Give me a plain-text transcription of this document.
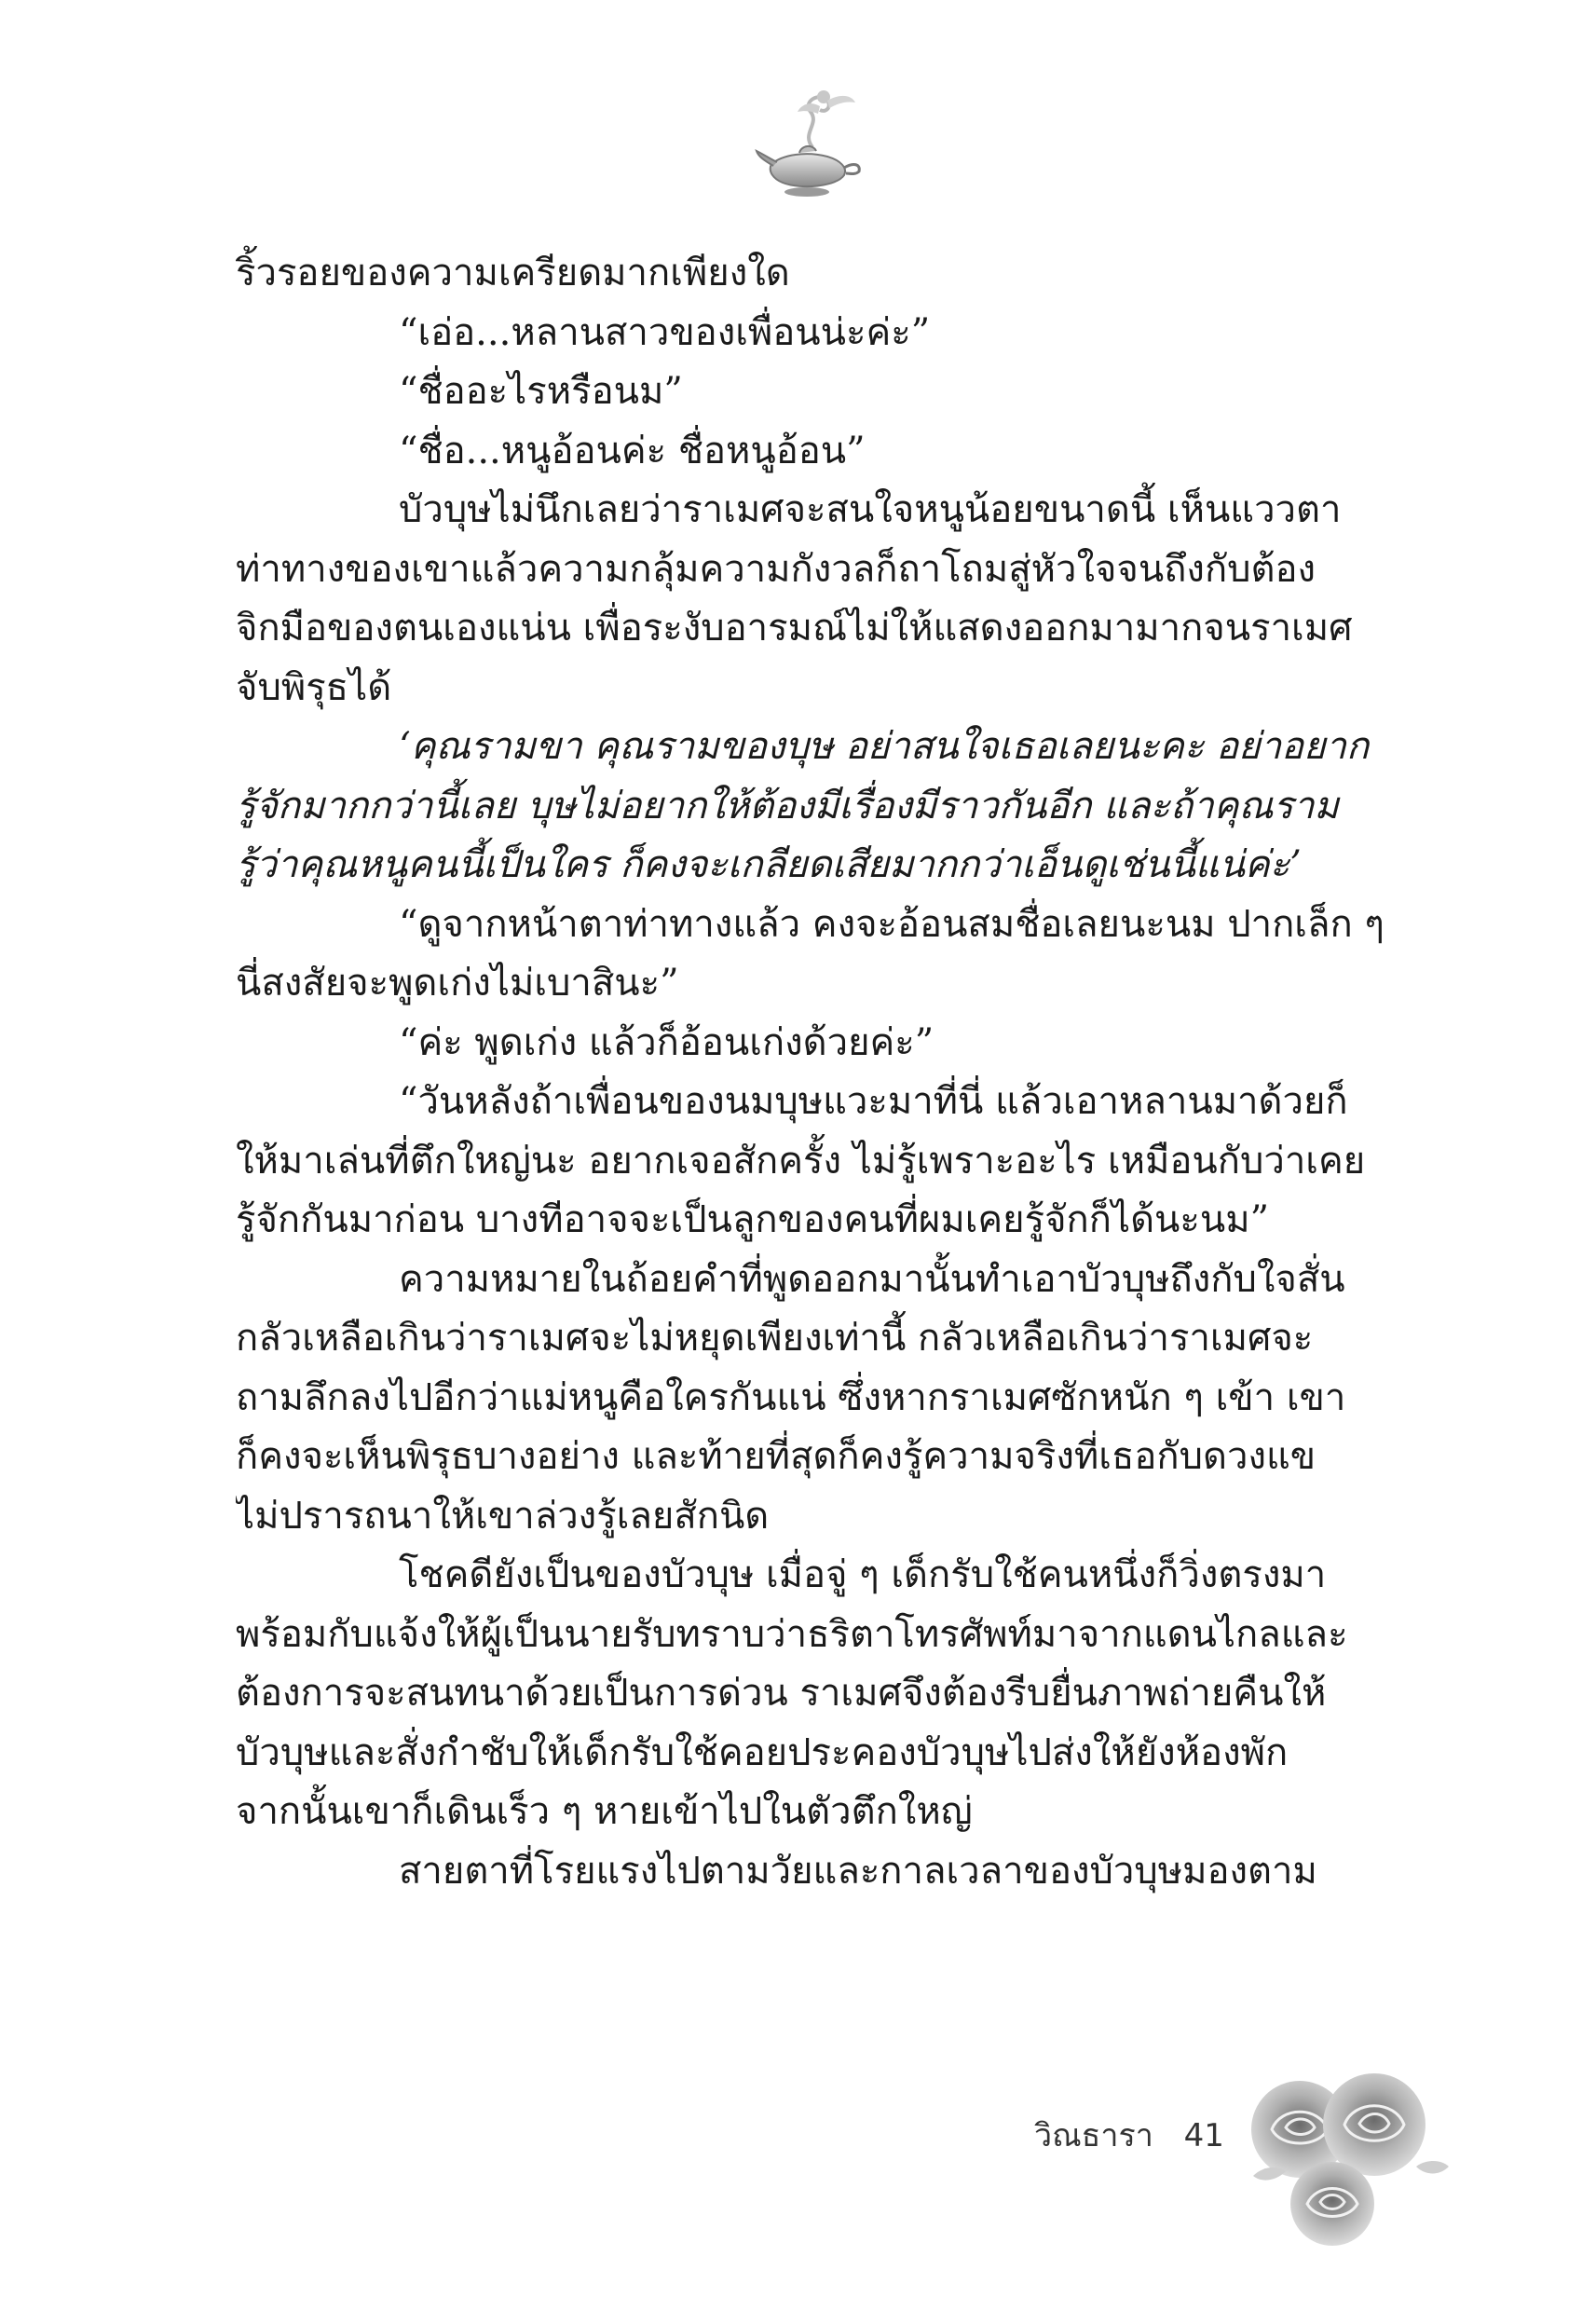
ริ้วรอยของความเครียดมากเพียงใด
“เอ่อ...หลานสาวของเพื่อนน่ะค่ะ”
“ชื่ออะไรหรือนม”
“ชื่อ...หนูอ้อนค่ะ ชื่อหนูอ้อน”
บัวบุษไม่นึกเลยว่าราเมศจะสนใจหนูน้อยขนาดนี้ เห็นแววตา
ท่าทางของเขาแล้วความกลุ้มความกังวลก็ถาโถมสู่หัวใจจนถึงกับต้อง
จิกมือของตนเองแน่น เพื่อระงับอารมณ์ไม่ให้แสดงออกมามากจนราเมศ
จับพิรุธได้
‘คุณรามขา คุณรามของบุษ อย่าสนใจเธอเลยนะคะ อย่าอยาก
รู้จักมากกว่านี้เลย บุษไม่อยากให้ต้องมีเรื่องมีราวกันอีก และถ้าคุณราม
รู้ว่าคุณหนูคนนี้เป็นใคร ก็คงจะเกลียดเสียมากกว่าเอ็นดูเช่นนี้แน่ค่ะ’
“ดูจากหน้าตาท่าทางแล้ว คงจะอ้อนสมชื่อเลยนะนม ปากเล็ก ๆ
นี่สงสัยจะพูดเก่งไม่เบาสินะ”
“ค่ะ พูดเก่ง แล้วก็อ้อนเก่งด้วยค่ะ”
“วันหลังถ้าเพื่อนของนมบุษแวะมาที่นี่ แล้วเอาหลานมาด้วยก็
ให้มาเล่นที่ตึกใหญ่นะ อยากเจอสักครั้ง ไม่รู้เพราะอะไร เหมือนกับว่าเคย
รู้จักกันมาก่อน บางทีอาจจะเป็นลูกของคนที่ผมเคยรู้จักก็ได้นะนม”
ความหมายในถ้อยคำที่พูดออกมานั้นทำเอาบัวบุษถึงกับใจสั่น
กลัวเหลือเกินว่าราเมศจะไม่หยุดเพียงเท่านี้ กลัวเหลือเกินว่าราเมศจะ
ถามลึกลงไปอีกว่าแม่หนูคือใครกันแน่ ซึ่งหากราเมศซักหนัก ๆ เข้า เขา
ก็คงจะเห็นพิรุธบางอย่าง และท้ายที่สุดก็คงรู้ความจริงที่เธอกับดวงแข
ไม่ปรารถนาให้เขาล่วงรู้เลยสักนิด
โชคดียังเป็นของบัวบุษ เมื่อจู่ ๆ เด็กรับใช้คนหนึ่งก็วิ่งตรงมา
พร้อมกับแจ้งให้ผู้เป็นนายรับทราบว่าธริตาโทรศัพท์มาจากแดนไกลและ
ต้องการจะสนทนาด้วยเป็นการด่วน ราเมศจึงต้องรีบยื่นภาพถ่ายคืนให้
บัวบุษและสั่งกำชับให้เด็กรับใช้คอยประคองบัวบุษไปส่งให้ยังห้องพัก
จากนั้นเขาก็เดินเร็ว ๆ หายเข้าไปในตัวตึกใหญ่
สายตาที่โรยแรงไปตามวัยและกาลเวลาของบัวบุษมองตาม
วิณธารา 41
